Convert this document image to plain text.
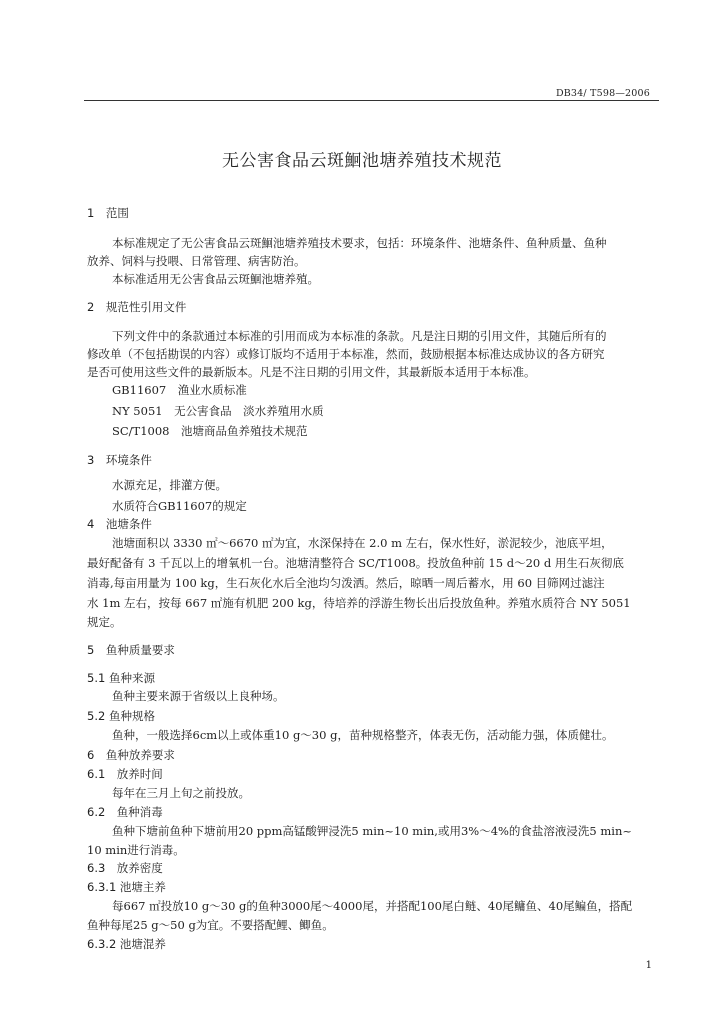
DB34/ T598—2006
无公害食品云斑鮰池塘养殖技术规范
1　范围
本标准规定了无公害食品云斑鮰池塘养殖技术要求，包括：环境条件、池塘条件、鱼种质量、鱼种
放养、饲料与投喂、日常管理、病害防治。
本标准适用无公害食品云斑鮰池塘养殖。
2　规范性引用文件
下列文件中的条款通过本标准的引用而成为本标准的条款。凡是注日期的引用文件，其随后所有的
修改单（不包括勘误的内容）或修订版均不适用于本标准，然而，鼓励根据本标准达成协议的各方研究
是否可使用这些文件的最新版本。凡是不注日期的引用文件，其最新版本适用于本标准。
GB11607　渔业水质标准
NY 5051　无公害食品　淡水养殖用水质
SC/T1008　池塘商品鱼养殖技术规范
3　环境条件
水源充足，排灌方便。
水质符合GB11607的规定
4　池塘条件
池塘面积以 3330 ㎡～6670 ㎡为宜，水深保持在 2.0 m 左右，保水性好，淤泥较少，池底平坦，
最好配备有 3 千瓦以上的增氧机一台。池塘清整符合 SC/T1008。投放鱼种前 15 d～20 d 用生石灰彻底
消毒,每亩用量为 100 kg，生石灰化水后全池均匀泼洒。然后，晾晒一周后蓄水，用 60 目筛网过滤注
水 1m 左右，按每 667 ㎡施有机肥 200 kg，待培养的浮游生物长出后投放鱼种。养殖水质符合 NY 5051
规定。
5　鱼种质量要求
5.1 鱼种来源
鱼种主要来源于省级以上良种场。
5.2 鱼种规格
鱼种，一般选择6cm以上或体重10 g～30 g，苗种规格整齐，体表无伤，活动能力强，体质健壮。
6　鱼种放养要求
6.1　放养时间
每年在三月上旬之前投放。
6.2　鱼种消毒
鱼种下塘前鱼种下塘前用20 ppm高锰酸钾浸洗5 min~10 min,或用3%～4%的食盐溶液浸洗5 min~
10 min进行消毒。
6.3　放养密度
6.3.1 池塘主养
每667 ㎡投放10 g～30 g的鱼种3000尾～4000尾，并搭配100尾白鲢、40尾鳙鱼、40尾鳊鱼，搭配
鱼种每尾25 g～50 g为宜。不要搭配鲤、鲫鱼。
6.3.2 池塘混养
1
